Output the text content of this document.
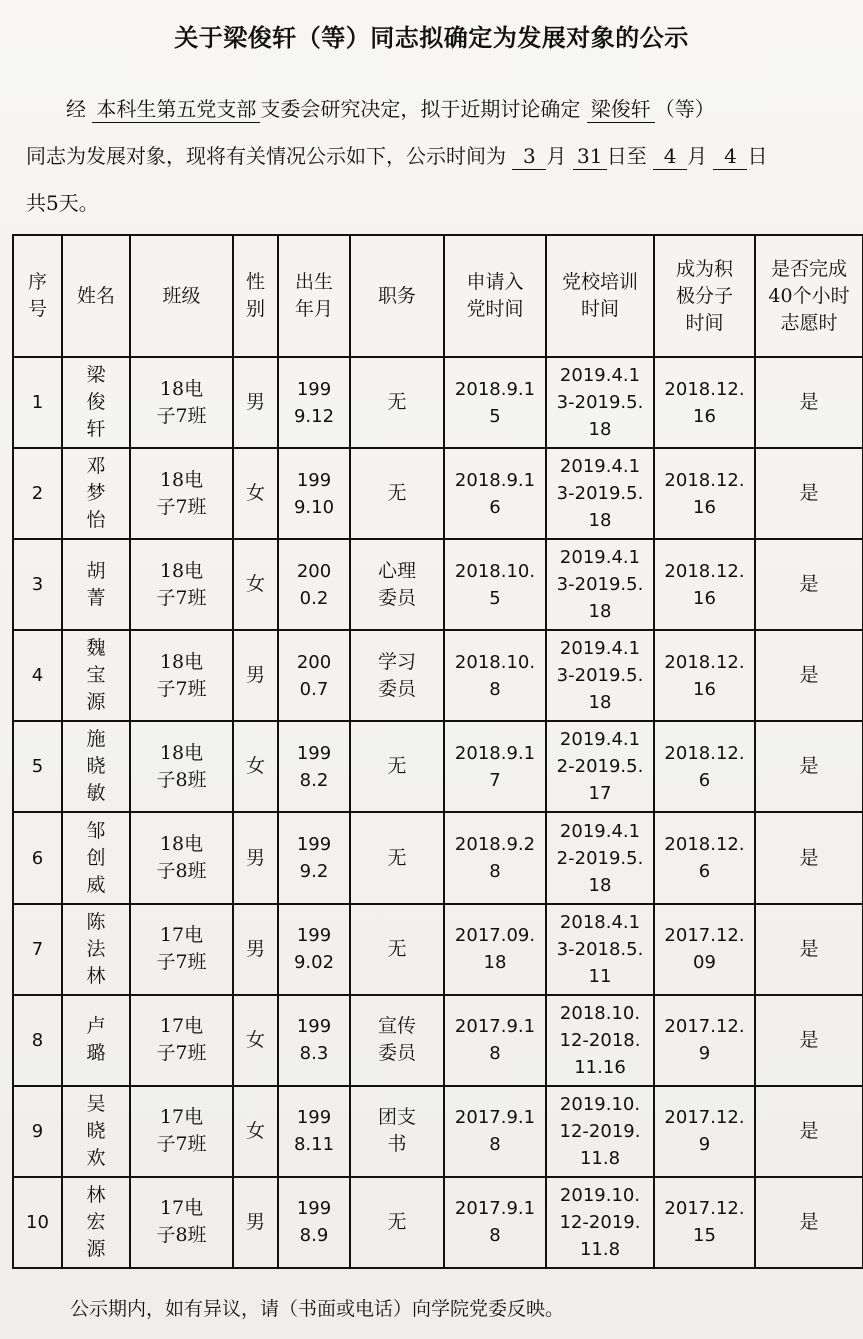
关于梁俊轩（等）同志拟确定为发展对象的公示

经 本科生第五党支部 支委会研究决定，拟于近期讨论确定 梁俊轩 （等）

同志为发展对象，现将有关情况公示如下，公示时间为 3 月 31 日至 4 月 4 日

共5天。

序号	姓名	班级	性别	出生年月	职务	申请入党时间	党校培训时间	成为积极分子时间	是否完成40个小时志愿时
1	梁俊轩	18电子7班	男	1999.12	无	2018.9.15	2019.4.13-2019.5.18	2018.12.16	是
2	邓梦怡	18电子7班	女	1999.10	无	2018.9.16	2019.4.13-2019.5.18	2018.12.16	是
3	胡菁	18电子7班	女	2000.2	心理委员	2018.10.5	2019.4.13-2019.5.18	2018.12.16	是
4	魏宝源	18电子7班	男	2000.7	学习委员	2018.10.8	2019.4.13-2019.5.18	2018.12.16	是
5	施晓敏	18电子8班	女	1998.2	无	2018.9.17	2019.4.12-2019.5.17	2018.12.6	是
6	邹创威	18电子8班	男	1999.2	无	2018.9.28	2019.4.12-2019.5.18	2018.12.6	是
7	陈法林	17电子7班	男	1999.02	无	2017.09.18	2018.4.13-2018.5.11	2017.12.09	是
8	卢璐	17电子7班	女	1998.3	宣传委员	2017.9.18	2018.10.12-2018.11.16	2017.12.9	是
9	吴晓欢	17电子7班	女	1998.11	团支书	2017.9.18	2019.10.12-2019.11.8	2017.12.9	是
10	林宏源	17电子8班	男	1998.9	无	2017.9.18	2019.10.12-2019.11.8	2017.12.15	是
公示期内，如有异议，请（书面或电话）向学院党委反映。
